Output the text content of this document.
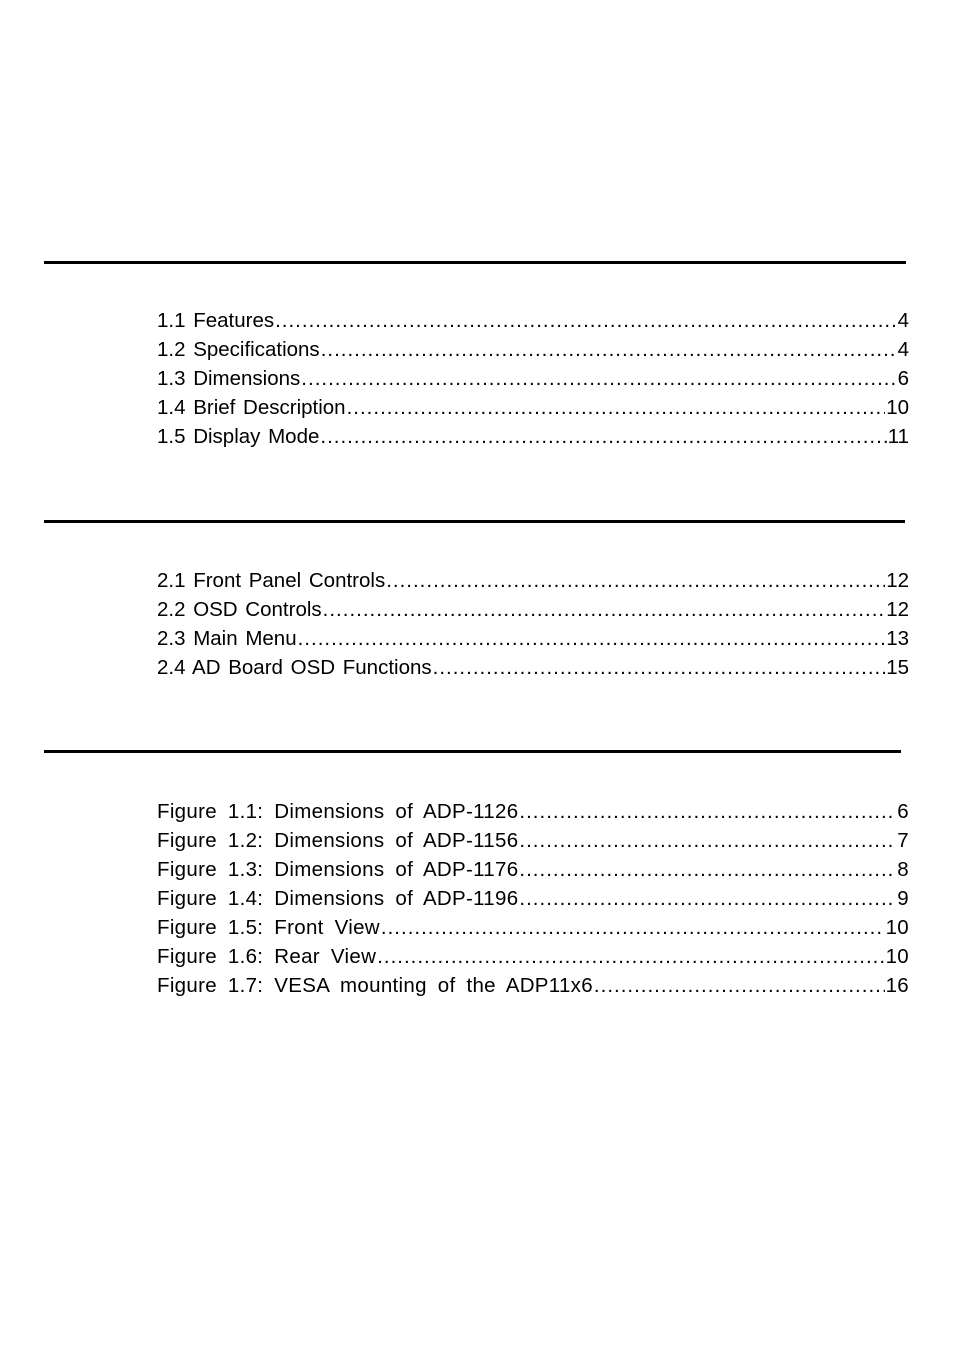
1.1 Features .....	4
1.2 Specifications .....	4
1.3 Dimensions .....	6
1.4 Brief Description .....	10
1.5 Display Mode .....	11
2.1 Front Panel Controls .....	12
2.2 OSD Controls .....	12
2.3 Main Menu .....	13
2.4 AD Board OSD Functions .....	15
Figure 1.1: Dimensions of ADP-1126 .....	6
Figure 1.2: Dimensions of ADP-1156 .....	7
Figure 1.3: Dimensions of ADP-1176 .....	8
Figure 1.4: Dimensions of ADP-1196 .....	9
Figure 1.5: Front View .....	10
Figure 1.6: Rear View .....	10
Figure 1.7: VESA mounting of the ADP11x6 .....	16
